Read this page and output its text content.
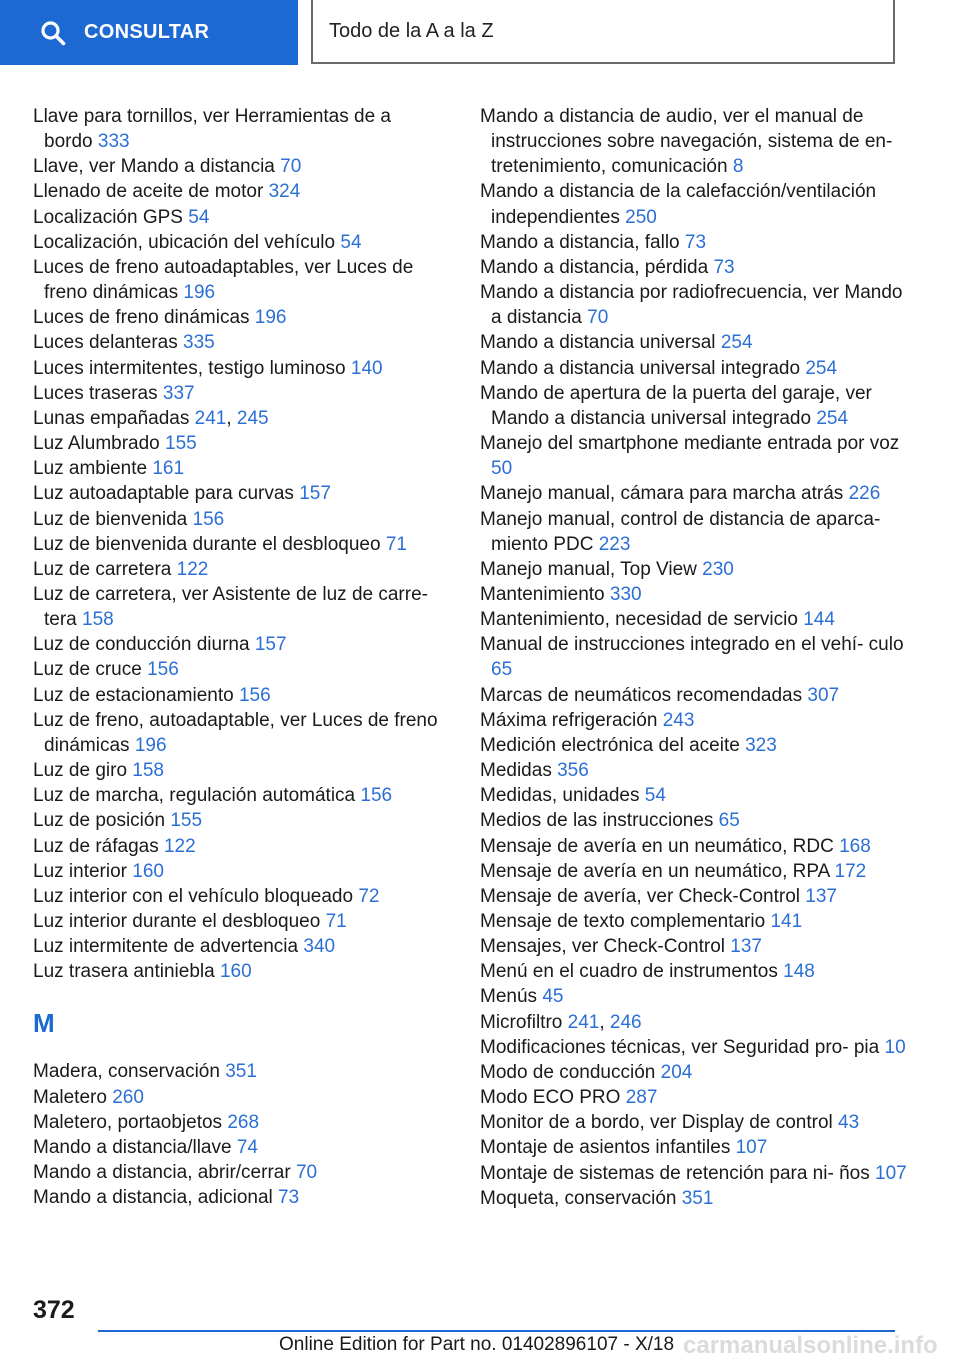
CONSULTAR	Todo de la A a la Z
Llave para tornillos, ver Herramientas de a bordo 333
Llave, ver Mando a distancia 70
Llenado de aceite de motor 324
Localización GPS 54
Localización, ubicación del vehículo 54
Luces de freno autoadaptables, ver Luces de freno dinámicas 196
Luces de freno dinámicas 196
Luces delanteras 335
Luces intermitentes, testigo luminoso 140
Luces traseras 337
Lunas empañadas 241, 245
Luz Alumbrado 155
Luz ambiente 161
Luz autoadaptable para curvas 157
Luz de bienvenida 156
Luz de bienvenida durante el desbloqueo 71
Luz de carretera 122
Luz de carretera, ver Asistente de luz de carre‐ tera 158
Luz de conducción diurna 157
Luz de cruce 156
Luz de estacionamiento 156
Luz de freno, autoadaptable, ver Luces de freno dinámicas 196
Luz de giro 158
Luz de marcha, regulación automática 156
Luz de posición 155
Luz de ráfagas 122
Luz interior 160
Luz interior con el vehículo bloqueado 72
Luz interior durante el desbloqueo 71
Luz intermitente de advertencia 340
Luz trasera antiniebla 160
M
Madera, conservación 351
Maletero 260
Maletero, portaobjetos 268
Mando a distancia/llave 74
Mando a distancia, abrir/cerrar 70
Mando a distancia, adicional 73
Mando a distancia de audio, ver el manual de instrucciones sobre navegación, sistema de en‐ tretenimiento, comunicación 8
Mando a distancia de la calefacción/ventilación independientes 250
Mando a distancia, fallo 73
Mando a distancia, pérdida 73
Mando a distancia por radiofrecuencia, ver Mando a distancia 70
Mando a distancia universal 254
Mando a distancia universal integrado 254
Mando de apertura de la puerta del garaje, ver Mando a distancia universal integrado 254
Manejo del smartphone mediante entrada por voz 50
Manejo manual, cámara para marcha atrás 226
Manejo manual, control de distancia de aparca‐ miento PDC 223
Manejo manual, Top View 230
Mantenimiento 330
Mantenimiento, necesidad de servicio 144
Manual de instrucciones integrado en el vehí‐ culo 65
Marcas de neumáticos recomendadas 307
Máxima refrigeración 243
Medición electrónica del aceite 323
Medidas 356
Medidas, unidades 54
Medios de las instrucciones 65
Mensaje de avería en un neumático, RDC 168
Mensaje de avería en un neumático, RPA 172
Mensaje de avería, ver Check-Control 137
Mensaje de texto complementario 141
Mensajes, ver Check-Control 137
Menú en el cuadro de instrumentos 148
Menús 45
Microfiltro 241, 246
Modificaciones técnicas, ver Seguridad pro‐ pia 10
Modo de conducción 204
Modo ECO PRO 287
Monitor de a bordo, ver Display de control 43
Montaje de asientos infantiles 107
Montaje de sistemas de retención para ni‐ ños 107
Moqueta, conservación 351
372
Online Edition for Part no. 01402896107 - X/18 carmanualsonline.info
